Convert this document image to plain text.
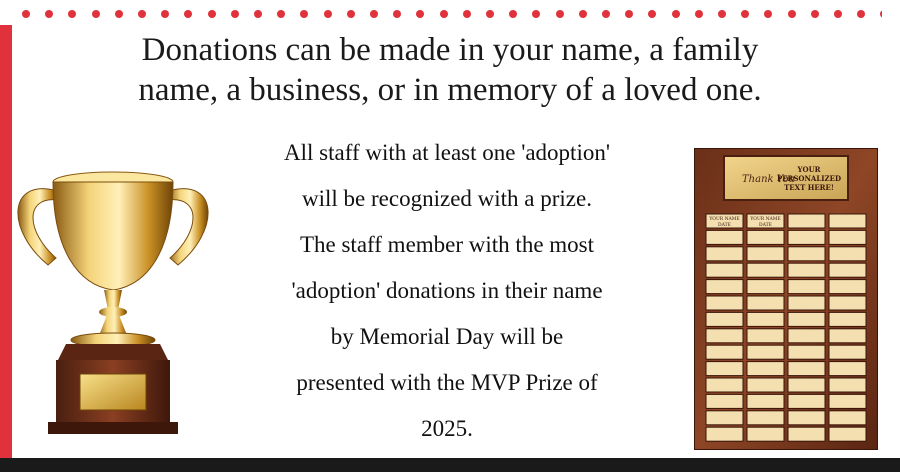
Donations can be made in your name, a family
name, a business, or in memory of a loved one.
All staff with at least one 'adoption'
will be recognized with a prize.
The staff member with the most
'adoption' donations in their name
by Memorial Day will be
presented with the MVP Prize of
2025.
Thank You
YOUR
PERSONALIZED
TEXT HERE!
YOUR NAME
DATE
YOUR NAME
DATE
